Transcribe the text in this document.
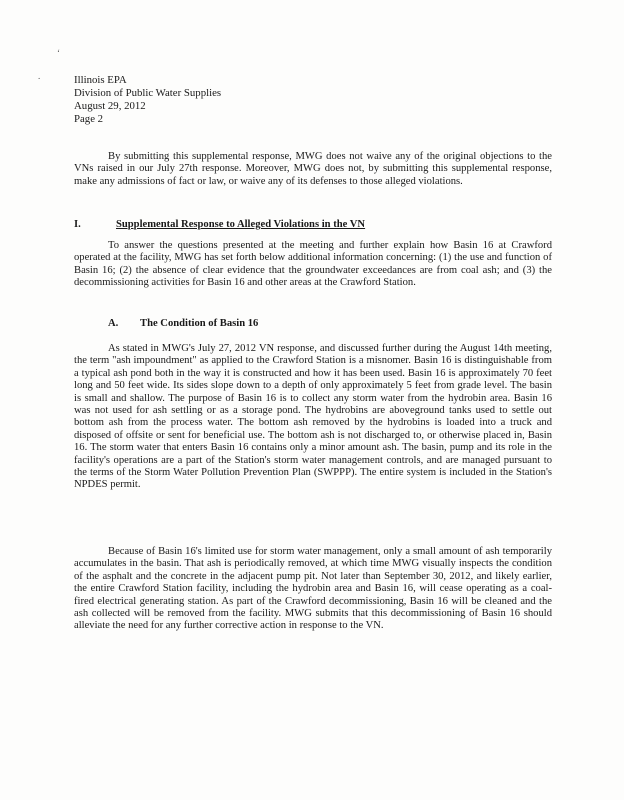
‘
.	Illinois EPA
Division of Public Water Supplies
August 29, 2012
Page 2

By submitting this supplemental response, MWG does not waive any of the original objections to the VNs raised in our July 27th response. Moreover, MWG does not, by submitting this supplemental response, make any admissions of fact or law, or waive any of its defenses to those alleged violations.

I.	Supplemental Response to Alleged Violations in the VN

To answer the questions presented at the meeting and further explain how Basin 16 at Crawford operated at the facility, MWG has set forth below additional information concerning: (1) the use and function of Basin 16; (2) the absence of clear evidence that the groundwater exceedances are from coal ash; and (3) the decommissioning activities for Basin 16 and other areas at the Crawford Station.

A. The Condition of Basin 16

As stated in MWG's July 27, 2012 VN response, and discussed further during the August 14th meeting, the term "ash impoundment" as applied to the Crawford Station is a misnomer. Basin 16 is distinguishable from a typical ash pond both in the way it is constructed and how it has been used. Basin 16 is approximately 70 feet long and 50 feet wide. Its sides slope down to a depth of only approximately 5 feet from grade level. The basin is small and shallow. The purpose of Basin 16 is to collect any storm water from the hydrobin area. Basin 16 was not used for ash settling or as a storage pond. The hydrobins are aboveground tanks used to settle out bottom ash from the process water. The bottom ash removed by the hydrobins is loaded into a truck and disposed of offsite or sent for beneficial use. The bottom ash is not discharged to, or otherwise placed in, Basin 16. The storm water that enters Basin 16 contains only a minor amount ash. The basin, pump and its role in the facility's operations are a part of the Station's storm water management controls, and are managed pursuant to the terms of the Storm Water Pollution Prevention Plan (SWPPP). The entire system is included in the Station's NPDES permit.

Because of Basin 16's limited use for storm water management, only a small amount of ash temporarily accumulates in the basin. That ash is periodically removed, at which time MWG visually inspects the condition of the asphalt and the concrete in the adjacent pump pit. Not later than September 30, 2012, and likely earlier, the entire Crawford Station facility, including the hydrobin area and Basin 16, will cease operating as a coal-fired electrical generating station. As part of the Crawford decommissioning, Basin 16 will be cleaned and the ash collected will be removed from the facility. MWG submits that this decommissioning of Basin 16 should alleviate the need for any further corrective action in response to the VN.
